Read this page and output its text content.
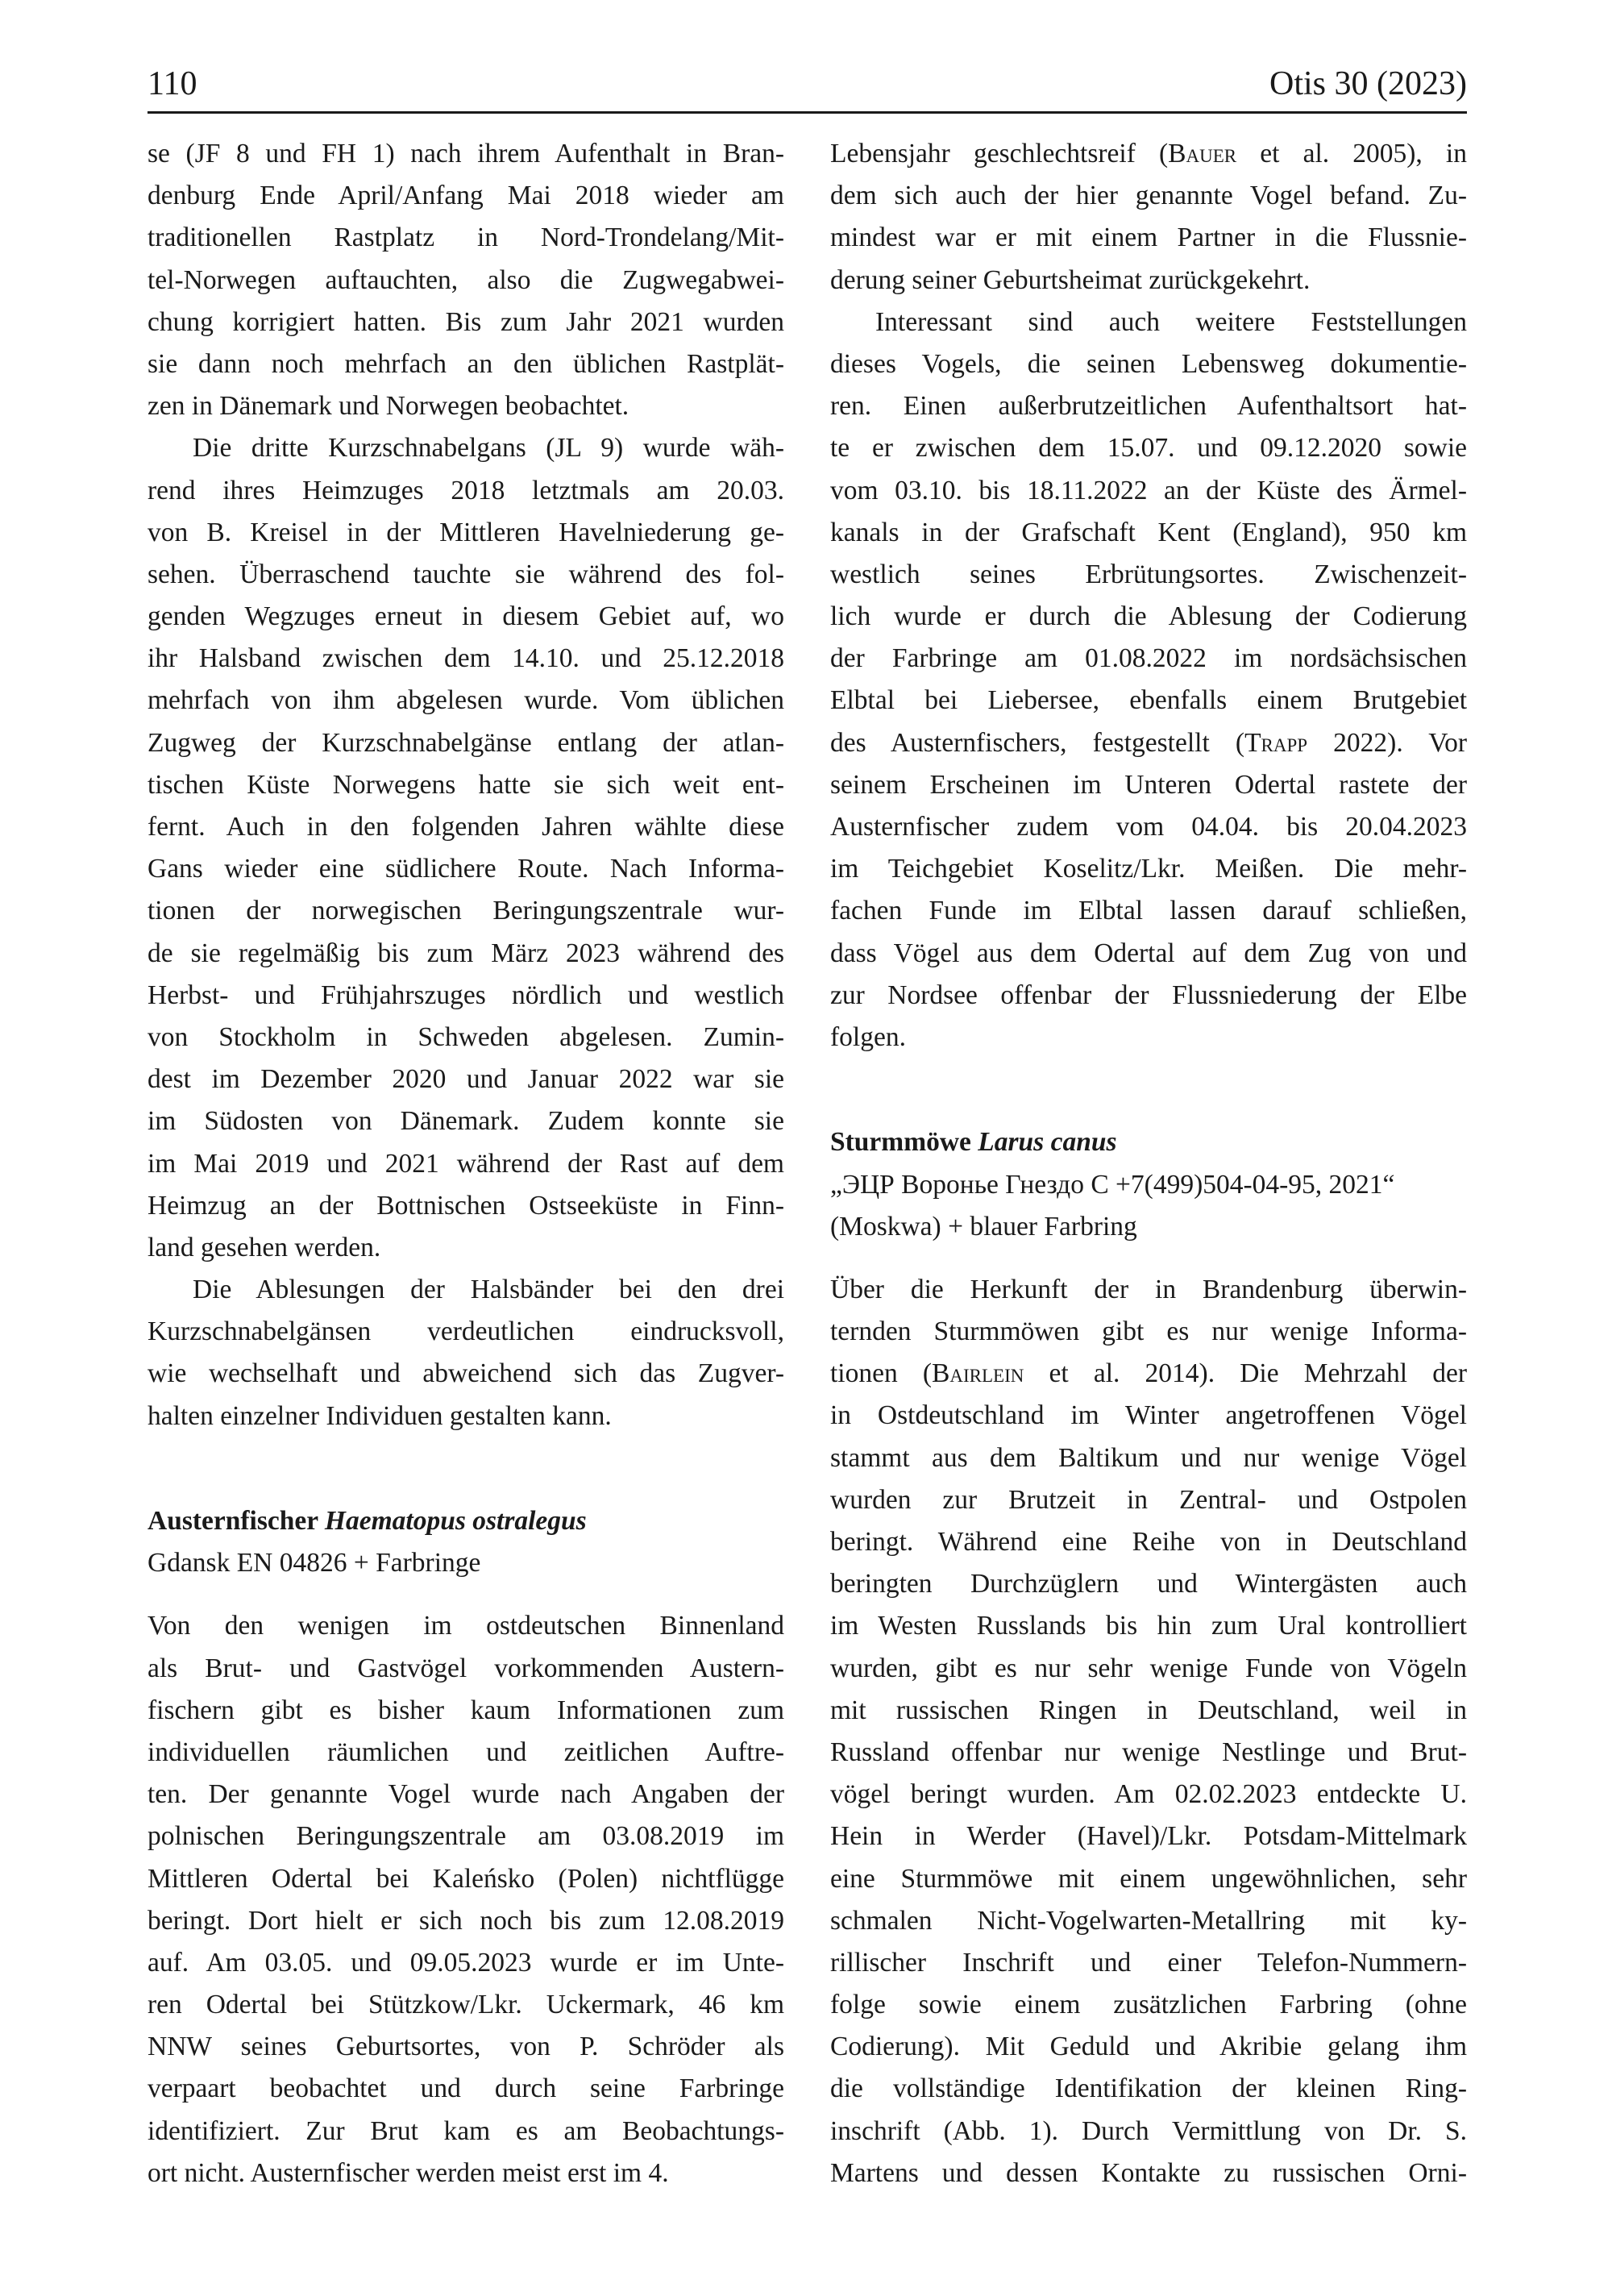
110	Otis 30 (2023)
se (JF 8 und FH 1) nach ihrem Aufenthalt in Bran-
denburg Ende April/Anfang Mai 2018 wieder am
traditionellen Rastplatz in Nord-Trondelang/Mit-
tel-Norwegen auftauchten, also die Zugwegabwei-
chung korrigiert hatten. Bis zum Jahr 2021 wurden
sie dann noch mehrfach an den üblichen Rastplät-
zen in Dänemark und Norwegen beobachtet.
Die dritte Kurzschnabelgans (JL 9) wurde wäh-
rend ihres Heimzuges 2018 letztmals am 20.03.
von B. Kreisel in der Mittleren Havelniederung ge-
sehen. Überraschend tauchte sie während des fol-
genden Wegzuges erneut in diesem Gebiet auf, wo
ihr Halsband zwischen dem 14.10. und 25.12.2018
mehrfach von ihm abgelesen wurde. Vom üblichen
Zugweg der Kurzschnabelgänse entlang der atlan-
tischen Küste Norwegens hatte sie sich weit ent-
fernt. Auch in den folgenden Jahren wählte diese
Gans wieder eine südlichere Route. Nach Informa-
tionen der norwegischen Beringungszentrale wur-
de sie regelmäßig bis zum März 2023 während des
Herbst- und Frühjahrszuges nördlich und westlich
von Stockholm in Schweden abgelesen. Zumin-
dest im Dezember 2020 und Januar 2022 war sie
im Südosten von Dänemark. Zudem konnte sie
im Mai 2019 und 2021 während der Rast auf dem
Heimzug an der Bottnischen Ostseeküste in Finn-
land gesehen werden.
Die Ablesungen der Halsbänder bei den drei
Kurzschnabelgänsen verdeutlichen eindrucksvoll,
wie wechselhaft und abweichend sich das Zugver-
halten einzelner Individuen gestalten kann.
Austernfischer Haematopus ostralegus
Gdansk EN 04826 + Farbringe
Von den wenigen im ostdeutschen Binnenland
als Brut- und Gastvögel vorkommenden Austern-
fischern gibt es bisher kaum Informationen zum
individuellen räumlichen und zeitlichen Auftre-
ten. Der genannte Vogel wurde nach Angaben der
polnischen Beringungszentrale am 03.08.2019 im
Mittleren Odertal bei Kaleńsko (Polen) nichtflügge
beringt. Dort hielt er sich noch bis zum 12.08.2019
auf. Am 03.05. und 09.05.2023 wurde er im Unte-
ren Odertal bei Stützkow/Lkr. Uckermark, 46 km
NNW seines Geburtsortes, von P. Schröder als
verpaart beobachtet und durch seine Farbringe
identifiziert. Zur Brut kam es am Beobachtungs-
ort nicht. Austernfischer werden meist erst im 4.
Lebensjahr geschlechtsreif (Bauer et al. 2005), in
dem sich auch der hier genannte Vogel befand. Zu-
mindest war er mit einem Partner in die Flussnie-
derung seiner Geburtsheimat zurückgekehrt.
Interessant sind auch weitere Feststellungen
dieses Vogels, die seinen Lebensweg dokumentie-
ren. Einen außerbrutzeitlichen Aufenthaltsort hat-
te er zwischen dem 15.07. und 09.12.2020 sowie
vom 03.10. bis 18.11.2022 an der Küste des Ärmel-
kanals in der Grafschaft Kent (England), 950 km
westlich seines Erbrütungsortes. Zwischenzeit-
lich wurde er durch die Ablesung der Codierung
der Farbringe am 01.08.2022 im nordsächsischen
Elbtal bei Liebersee, ebenfalls einem Brutgebiet
des Austernfischers, festgestellt (Trapp 2022). Vor
seinem Erscheinen im Unteren Odertal rastete der
Austernfischer zudem vom 04.04. bis 20.04.2023
im Teichgebiet Koselitz/Lkr. Meißen. Die mehr-
fachen Funde im Elbtal lassen darauf schließen,
dass Vögel aus dem Odertal auf dem Zug von und
zur Nordsee offenbar der Flussniederung der Elbe
folgen.
Sturmmöwe Larus canus
„ЭЦР Воронье Гнездо С +7(499)504-04-95, 2021“
(Moskwa) + blauer Farbring
Über die Herkunft der in Brandenburg überwin-
ternden Sturmmöwen gibt es nur wenige Informa-
tionen (Bairlein et al. 2014). Die Mehrzahl der
in Ostdeutschland im Winter angetroffenen Vögel
stammt aus dem Baltikum und nur wenige Vögel
wurden zur Brutzeit in Zentral- und Ostpolen
beringt. Während eine Reihe von in Deutschland
beringten Durchzüglern und Wintergästen auch
im Westen Russlands bis hin zum Ural kontrolliert
wurden, gibt es nur sehr wenige Funde von Vögeln
mit russischen Ringen in Deutschland, weil in
Russland offenbar nur wenige Nestlinge und Brut-
vögel beringt wurden. Am 02.02.2023 entdeckte U.
Hein in Werder (Havel)/Lkr. Potsdam-Mittelmark
eine Sturmmöwe mit einem ungewöhnlichen, sehr
schmalen Nicht-Vogelwarten-Metallring mit ky-
rillischer Inschrift und einer Telefon-Nummern-
folge sowie einem zusätzlichen Farbring (ohne
Codierung). Mit Geduld und Akribie gelang ihm
die vollständige Identifikation der kleinen Ring-
inschrift (Abb. 1). Durch Vermittlung von Dr. S.
Martens und dessen Kontakte zu russischen Orni-
